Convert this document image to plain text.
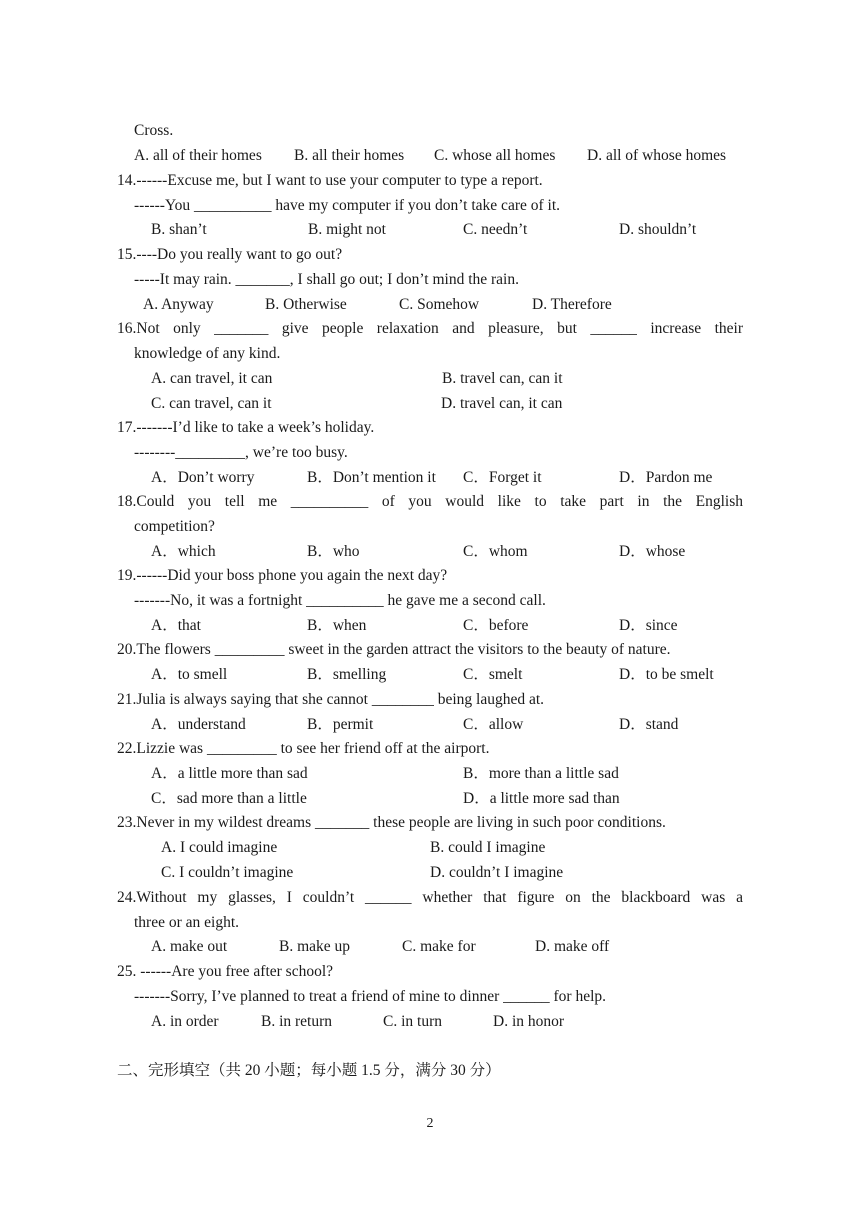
Cross.
A. all of their homes B. all their homes C. whose all homes D. all of whose homes
14.------Excuse me, but I want to use your computer to type a report.
------You __________ have my computer if you don’t take care of it.
B. shan’t	B. might not	C. needn’t	D. shouldn’t
15.----Do you really want to go out?
-----It may rain. _______, I shall go out; I don’t mind the rain.
A. Anyway	B. Otherwise	C. Somehow	D. Therefore
16.Not only _______ give people relaxation and pleasure, but ______ increase their
knowledge of any kind.
A. can travel, it can	B. travel can, can it
C. can travel, can it	D. travel can, it can
17.-------I’d like to take a week’s holiday.
--------_________, we’re too busy.
A．Don’t worry	B．Don’t mention it C．Forget it	D．Pardon me
18.Could you tell me __________ of you would like to take part in the English
competition?
A．which	B．who	C．whom	D．whose
19.------Did your boss phone you again the next day?
-------No, it was a fortnight __________ he gave me a second call.
A．that	B．when	C．before	D．since
20.The flowers _________ sweet in the garden attract the visitors to the beauty of nature.
A．to smell	B．smelling	C．smelt	D．to be smelt
21.Julia is always saying that she cannot ________ being laughed at.
A．understand	B．permit	C．allow	D．stand
22.Lizzie was _________ to see her friend off at the airport.
A．a little more than sad	B．more than a little sad
C．sad more than a little	D．a little more sad than
23.Never in my wildest dreams _______ these people are living in such poor conditions.
A. I could imagine	B. could I imagine
C. I couldn’t imagine	D. couldn’t I imagine
24.Without my glasses, I couldn’t ______ whether that figure on the blackboard was a
three or an eight.
A. make out	B. make up	C. make for	D. make off
25. ------Are you free after school?
-------Sorry, I’ve planned to treat a friend of mine to dinner ______ for help.
A. in order	B. in return	C. in turn	D. in honor
二、完形填空（共 20 小题；每小题 1.5 分，满分 30 分）
2
